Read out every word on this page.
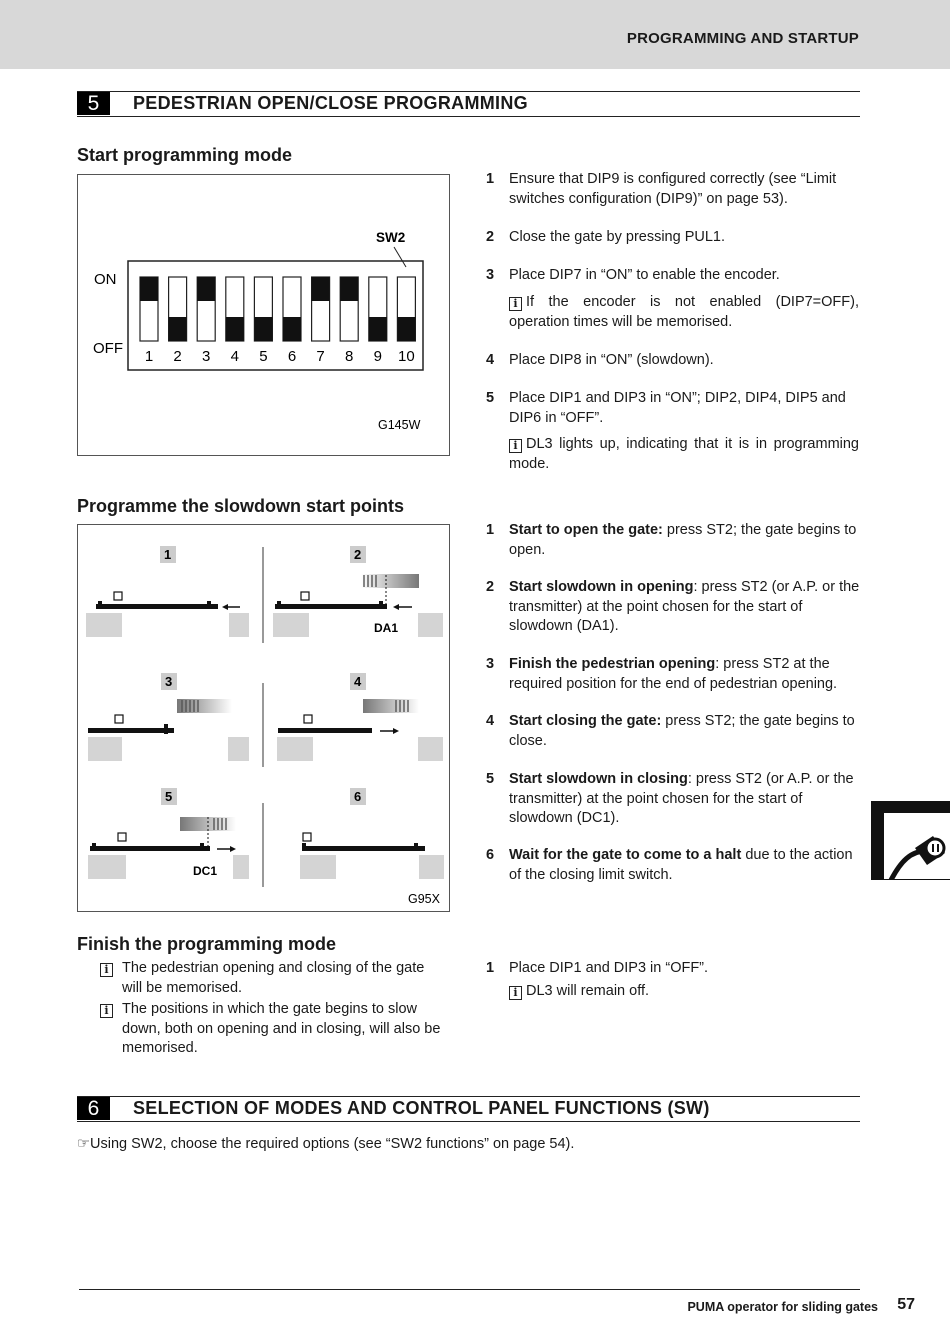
PROGRAMMING AND STARTUP
5	PEDESTRIAN OPEN/CLOSE PROGRAMMING
Start programming mode
SW2
ON
OFF 1 2 3 4 5 6 7 8 9 10
G145W
1 Ensure that DIP9 is configured correctly (see “Limit switches configuration (DIP9)” on page 53).
2 Close the gate by pressing PUL1.
3 Place DIP7 in “ON” to enable the encoder.
i If the encoder is not enabled (DIP7=OFF), operation times will be memorised.
4 Place DIP8 in “ON” (slowdown).
5 Place DIP1 and DIP3 in “ON”; DIP2, DIP4, DIP5 and DIP6 in “OFF”.
i DL3 lights up, indicating that it is in programming mode.
Programme the slowdown start points
1	2
DA1
3	4
5
DC1
6
G95X
1 Start to open the gate: press ST2; the gate begins to open.
2 Start slowdown in opening: press ST2 (or A.P. or the transmitter) at the point chosen for the start of slowdown (DA1).
3 Finish the pedestrian opening: press ST2 at the required position for the end of pedestrian opening.
4 Start closing the gate: press ST2; the gate begins to close.
5 Start slowdown in closing: press ST2 (or A.P. or the transmitter) at the point chosen for the start of slowdown (DC1).
6 Wait for the gate to come to a halt due to the action of the closing limit switch.
Finish the programming mode
i The pedestrian opening and closing of the gate will be memorised.
i The positions in which the gate begins to slow down, both on opening and in closing, will also be memorised.
1 Place DIP1 and DIP3 in “OFF”.
i DL3 will remain off.
6	SELECTION OF MODES AND CONTROL PANEL FUNCTIONS (SW)
☞Using SW2, choose the required options (see “SW2 functions” on page 54).
PUMA operator for sliding gates 57
